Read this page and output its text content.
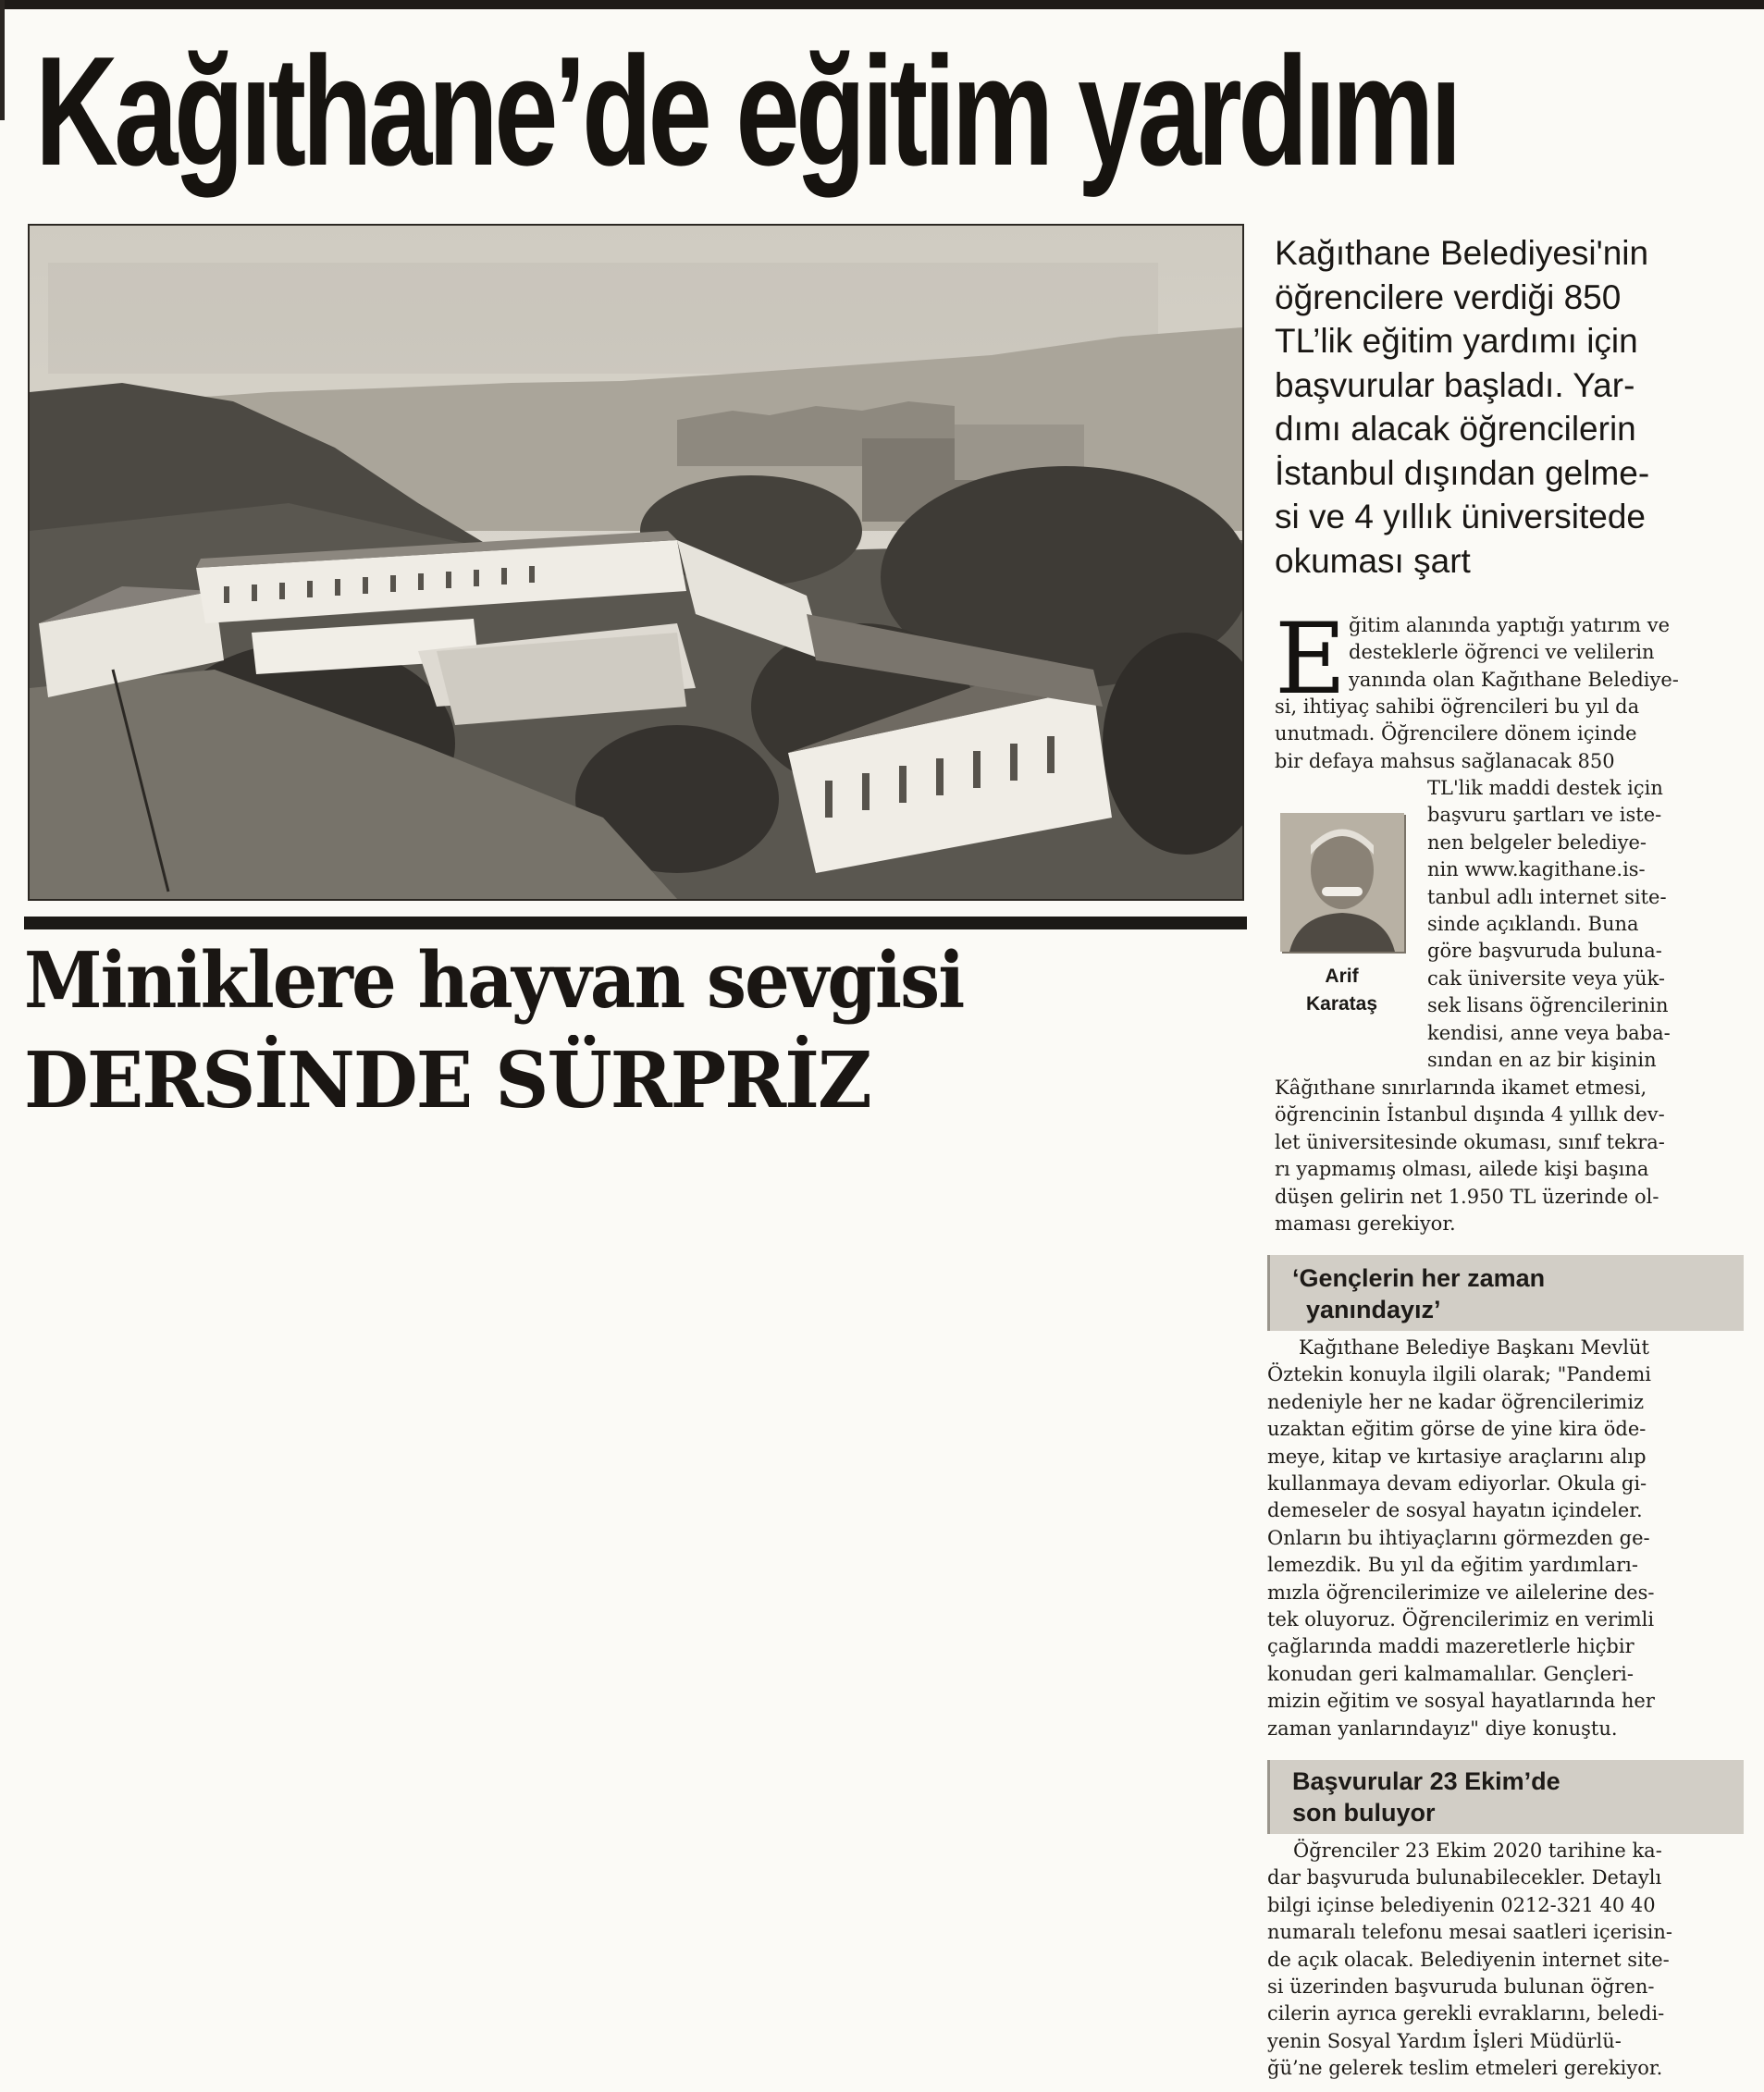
Kağıthane’de eğitim yardımı

Kağıthane Belediyesi'nin
öğrencilere verdiği 850
TL’lik eğitim yardımı için
başvurular başladı. Yar-
dımı alacak öğrencilerin
İstanbul dışından gelme-
si ve 4 yıllık üniversitede
okuması şart

E ğitim alanında yaptığı yatırım ve
desteklerle öğrenci ve velilerin
yanında olan Kağıthane Belediye-

si, ihtiyaç sahibi öğrencileri bu yıl da
unutmadı. Öğrencilere dönem içinde
bir defaya mahsus sağlanacak 850

Arif
Karataş

TL'lik maddi destek için
başvuru şartları ve iste-
nen belgeler belediye-
nin www.kagithane.is-
tanbul adlı internet site-
sinde açıklandı. Buna
göre başvuruda buluna-
cak üniversite veya yük-
sek lisans öğrencilerinin
kendisi, anne veya baba-
sından en az bir kişinin

Kâğıthane sınırlarında ikamet etmesi,
öğrencinin İstanbul dışında 4 yıllık dev-
let üniversitesinde okuması, sınıf tekra-
rı yapmamış olması, ailede kişi başına
düşen gelirin net 1.950 TL üzerinde ol-
maması gerekiyor.

‘Gençlerin her zaman
yanındayız’

Kağıthane Belediye Başkanı Mevlüt
Öztekin konuyla ilgili olarak; "Pandemi
nedeniyle her ne kadar öğrencilerimiz
uzaktan eğitim görse de yine kira öde-
meye, kitap ve kırtasiye araçlarını alıp
kullanmaya devam ediyorlar. Okula gi-
demeseler de sosyal hayatın içindeler.
Onların bu ihtiyaçlarını görmezden ge-
lemezdik. Bu yıl da eğitim yardımları-
mızla öğrencilerimize ve ailelerine des-
tek oluyoruz. Öğrencilerimiz en verimli
çağlarında maddi mazeretlerle hiçbir
konudan geri kalmamalılar. Gençleri-
mizin eğitim ve sosyal hayatlarında her
zaman yanlarındayız" diye konuştu.

Başvurular 23 Ekim’de
son buluyor

Öğrenciler 23 Ekim 2020 tarihine ka-
dar başvuruda bulunabilecekler. Detaylı
bilgi içinse belediyenin 0212-321 40 40
numaralı telefonu mesai saatleri içerisin-
de açık olacak. Belediyenin internet site-
si üzerinden başvuruda bulunan öğren-
cilerin ayrıca gerekli evraklarını, beledi-
yenin Sosyal Yardım İşleri Müdürlü-
ğü’ne gelerek teslim etmeleri gerekiyor.

Miniklere hayvan sevgisi
DERSİNDE SÜRPRİZ
